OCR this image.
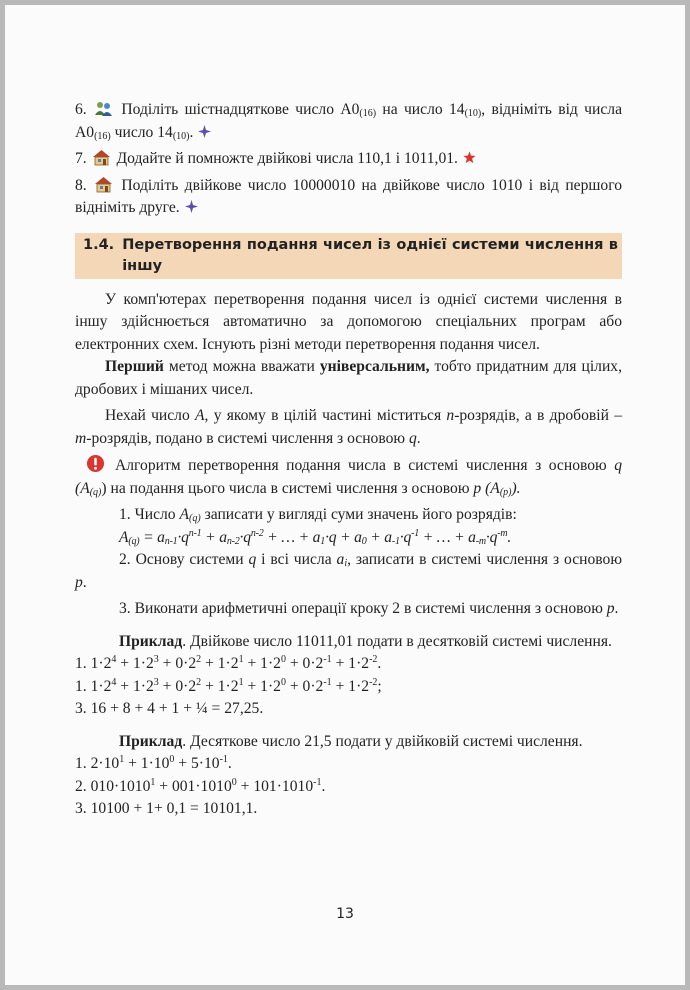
6. Поділіть шістнадцяткове число $А0_{(16)}$ на число $14_{(10)}$, відніміть від числа $А0_{(16)}$ число $14_{(10)}$.

7. Додайте й помножте двійкові числа 110,1 і 1011,01.

8. Поділіть двійкове число 10000010 на двійкове число 1010 і від першого відніміть друге.

1.4. Перетворення подання чисел із однієї системи числення в іншу

У комп'ютерах перетворення подання чисел із однієї системи числення в іншу здійснюється автоматично за допомогою спеціальних програм або електронних схем. Існують різні методи перетворення подання чисел.

Перший метод можна вважати універсальним, тобто придатним для цілих, дробових і мішаних чисел.

Нехай число А, у якому в цілій частині міститься n-розрядів, а в дробовій – m-розрядів, подано в системі числення з основою q.

Алгоритм перетворення подання числа в системі числення з основою q $(A_{(q)})$ на подання цього числа в системі числення з основою p $(A_{(p)})$.

1. Число $A_{(q)}$ записати у вигляді суми значень його розрядів:

$A_{(q)} = a_{n-1}\cdot q^{n-1} + a_{n-2}\cdot q^{n-2}$ + … + $a_1\cdot q + a_0 + a_{-1}\cdot q^{-1}$ + … + $a_{-m}\cdot q^{-m}$.

2. Основу системи q і всі числа $a_i$, записати в системі числення з основою p.

3. Виконати арифметичні операції кроку 2 в системі числення з основою p.

Приклад. Двійкове число 11011,01 подати в десятковій системі числення.

1. $1\cdot 2^4 + 1\cdot 2^3 + 0\cdot 2^2 + 1\cdot 2^1 + 1\cdot 2^0 + 0\cdot 2^{-1} + 1\cdot 2^{-2}$.

1. $1\cdot 2^4 + 1\cdot 2^3 + 0\cdot 2^2 + 1\cdot 2^1 + 1\cdot 2^0 + 0\cdot 2^{-1} + 1\cdot 2^{-2}$;

3. 16 + 8 + 4 + 1 + ¼ = 27,25.

Приклад. Десяткове число 21,5 подати у двійковій системі числення.

1. $2\cdot 10^1 + 1\cdot 10^0 + 5\cdot 10^{-1}$.

2. $010\cdot 1010^1 + 001\cdot 1010^0 + 101\cdot 1010^{-1}$.

3. 10100 + 1+ 0,1 = 10101,1.

13
